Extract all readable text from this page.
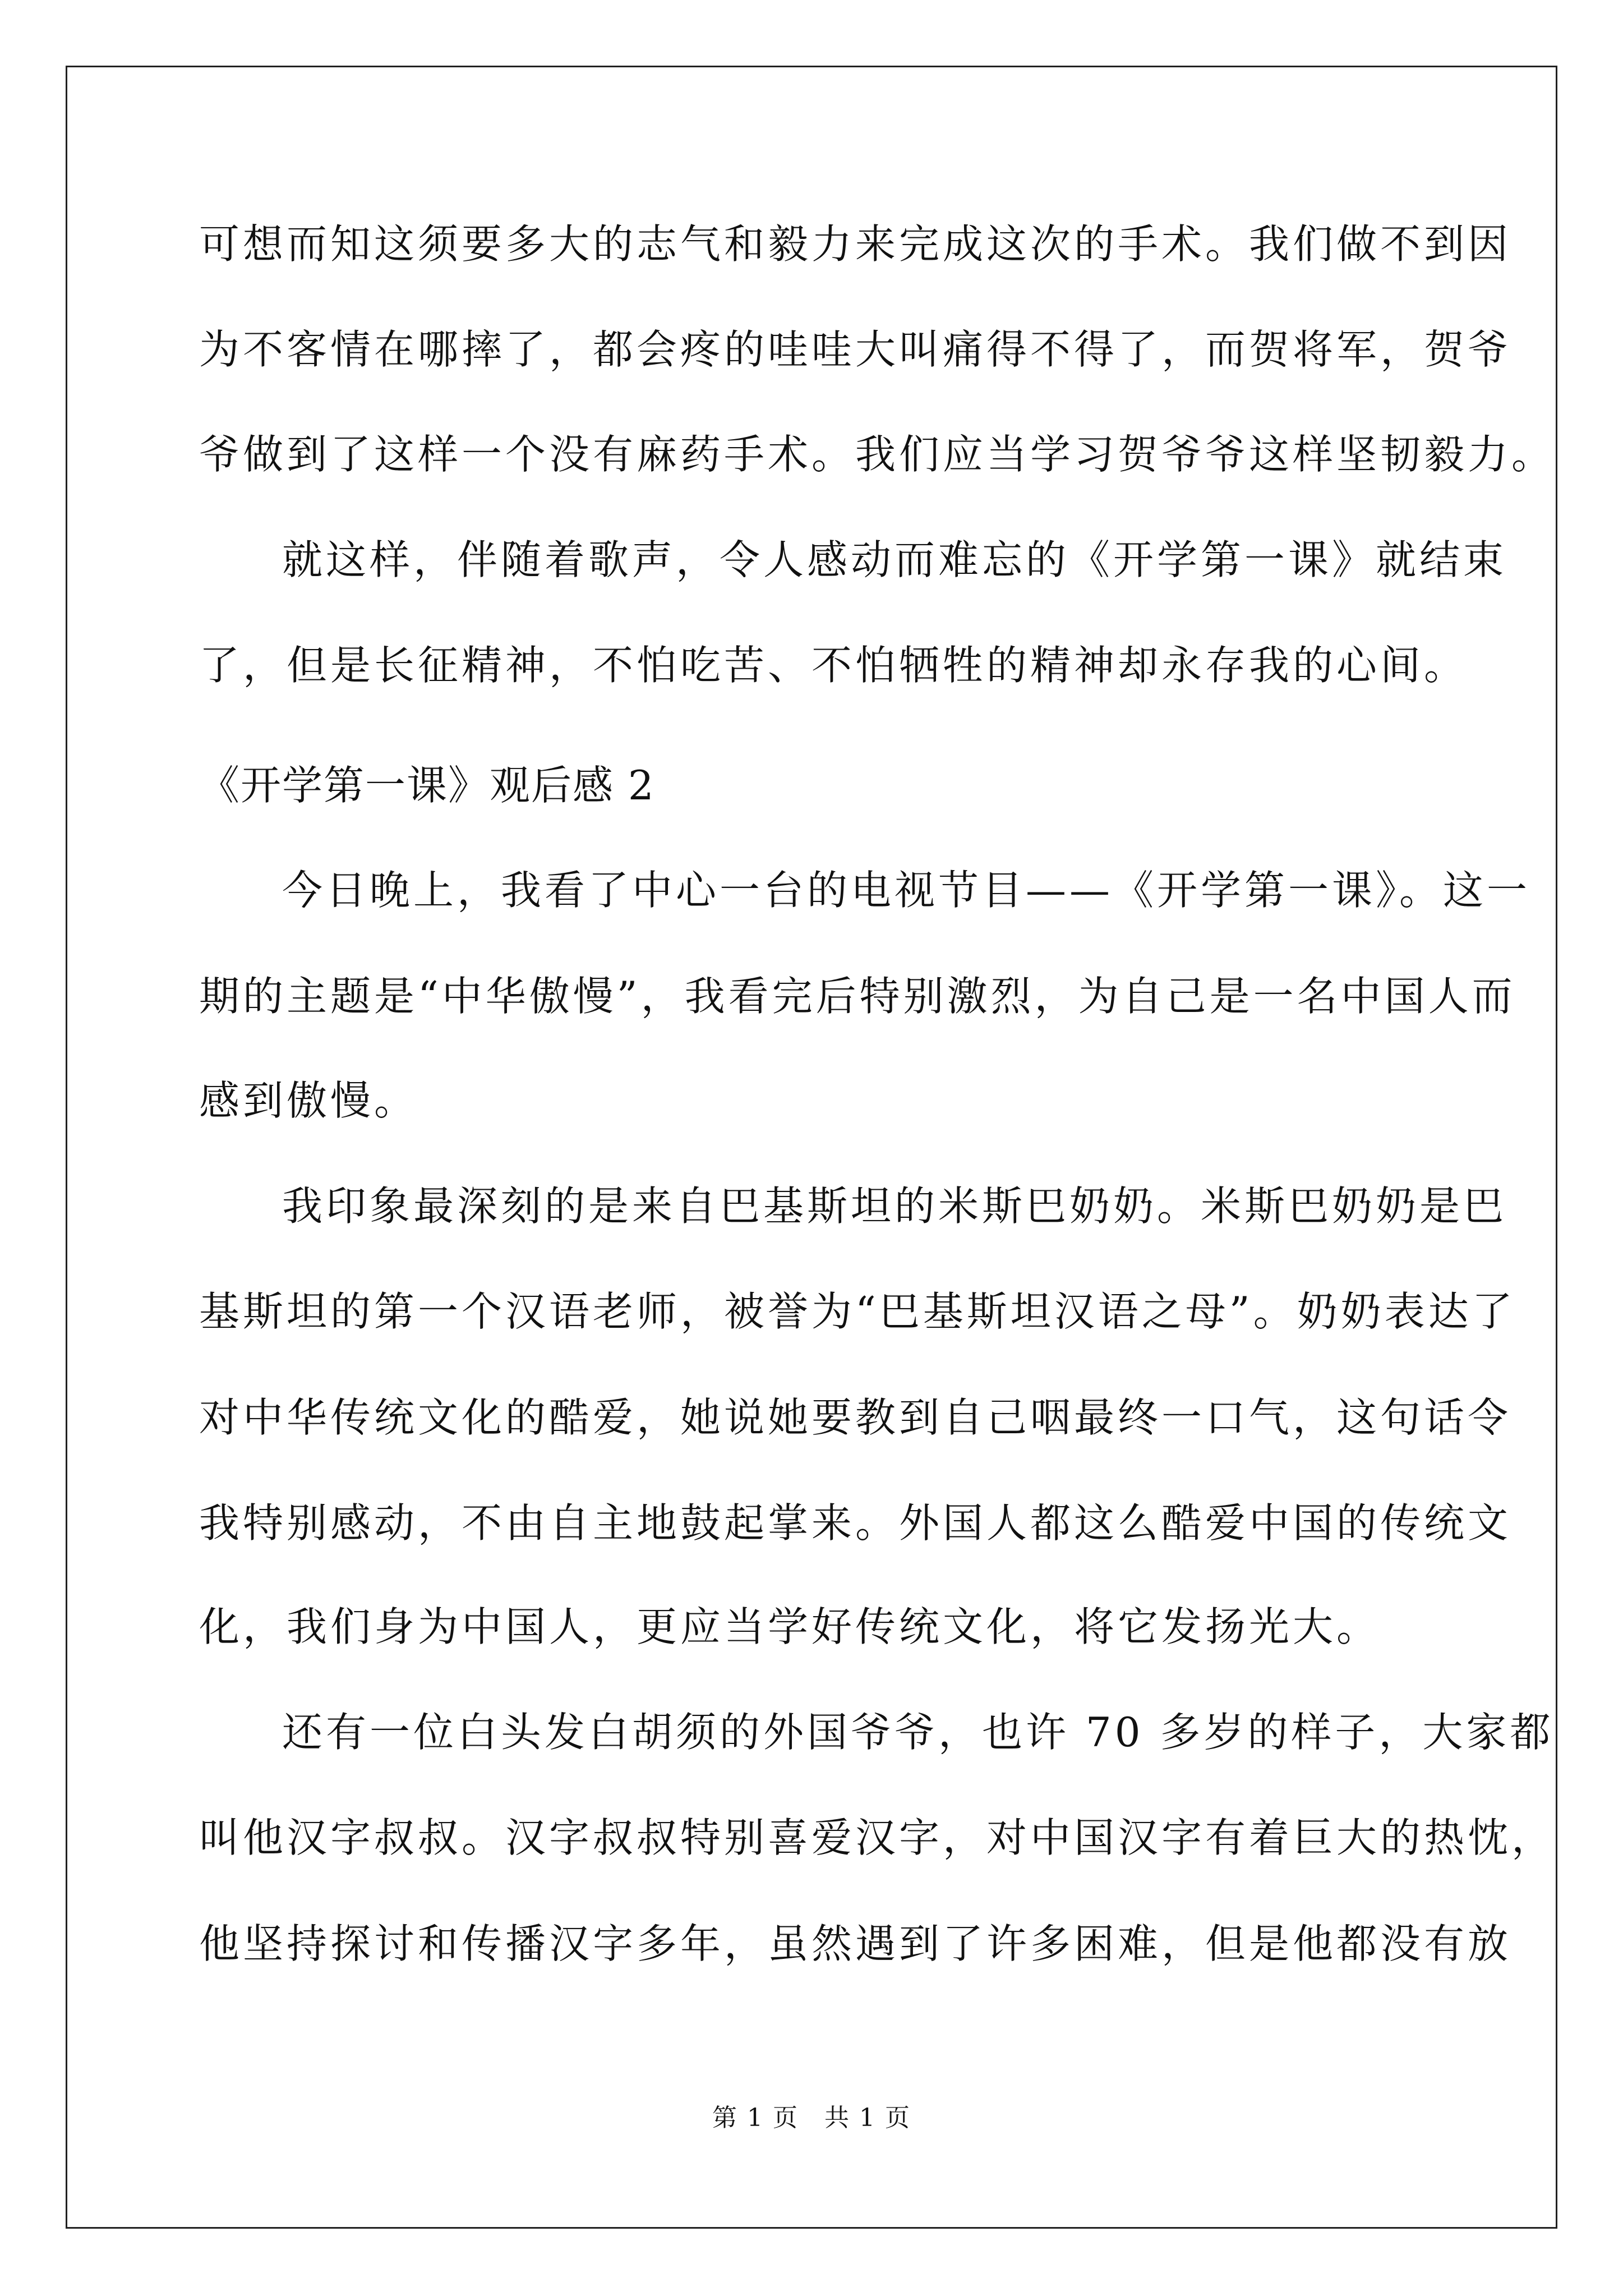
可想而知这须要多大的志气和毅力来完成这次的手术。我们做不到因
为不客情在哪摔了，都会疼的哇哇大叫痛得不得了，而贺将军，贺爷
爷做到了这样一个没有麻药手术。我们应当学习贺爷爷这样坚韧毅力。
就这样，伴随着歌声，令人感动而难忘的《开学第一课》就结束
了，但是长征精神，不怕吃苦、不怕牺牲的精神却永存我的心间。
《开学第一课》观后感 2
今日晚上，我看了中心一台的电视节目——《开学第一课》。这一
期的主题是“中华傲慢”，我看完后特别激烈，为自己是一名中国人而
感到傲慢。
我印象最深刻的是来自巴基斯坦的米斯巴奶奶。米斯巴奶奶是巴
基斯坦的第一个汉语老师，被誉为“巴基斯坦汉语之母”。奶奶表达了
对中华传统文化的酷爱，她说她要教到自己咽最终一口气，这句话令
我特别感动，不由自主地鼓起掌来。外国人都这么酷爱中国的传统文
化，我们身为中国人，更应当学好传统文化，将它发扬光大。
还有一位白头发白胡须的外国爷爷，也许 70 多岁的样子，大家都
叫他汉字叔叔。汉字叔叔特别喜爱汉字，对中国汉字有着巨大的热忱，
他坚持探讨和传播汉字多年，虽然遇到了许多困难，但是他都没有放
第 1 页　共 1 页
